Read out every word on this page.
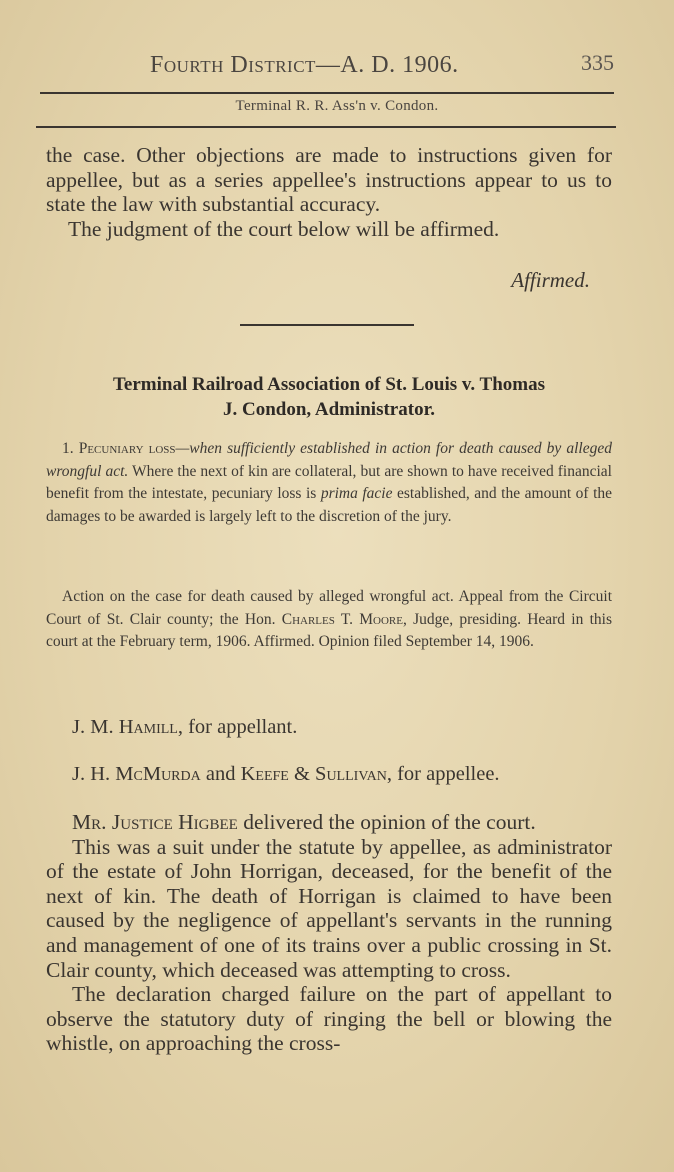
Fourth District—A. D. 1906.	335
Terminal R. R. Ass'n v. Condon.

the case. Other objections are made to instructions given for appellee, but as a series appellee's instructions appear to us to state the law with substantial accuracy.

The judgment of the court below will be affirmed.

Affirmed.
Terminal Railroad Association of St. Louis v. Thomas
J. Condon, Administrator.

1. Pecuniary loss—when sufficiently established in action for death caused by alleged wrongful act. Where the next of kin are collateral, but are shown to have received financial benefit from the intestate, pecuniary loss is prima facie established, and the amount of the damages to be awarded is largely left to the discretion of the jury.

Action on the case for death caused by alleged wrongful act. Appeal from the Circuit Court of St. Clair county; the Hon. Charles T. Moore, Judge, presiding. Heard in this court at the February term, 1906. Affirmed. Opinion filed September 14, 1906.

J. M. Hamill, for appellant.
J. H. McMurda and Keefe & Sullivan, for appellee.

Mr. Justice Higbee delivered the opinion of the court.

This was a suit under the statute by appellee, as administrator of the estate of John Horrigan, deceased, for the benefit of the next of kin. The death of Horrigan is claimed to have been caused by the negligence of appellant's servants in the running and management of one of its trains over a public crossing in St. Clair county, which deceased was attempting to cross.

The declaration charged failure on the part of appellant to observe the statutory duty of ringing the bell or blowing the whistle, on approaching the cross-
